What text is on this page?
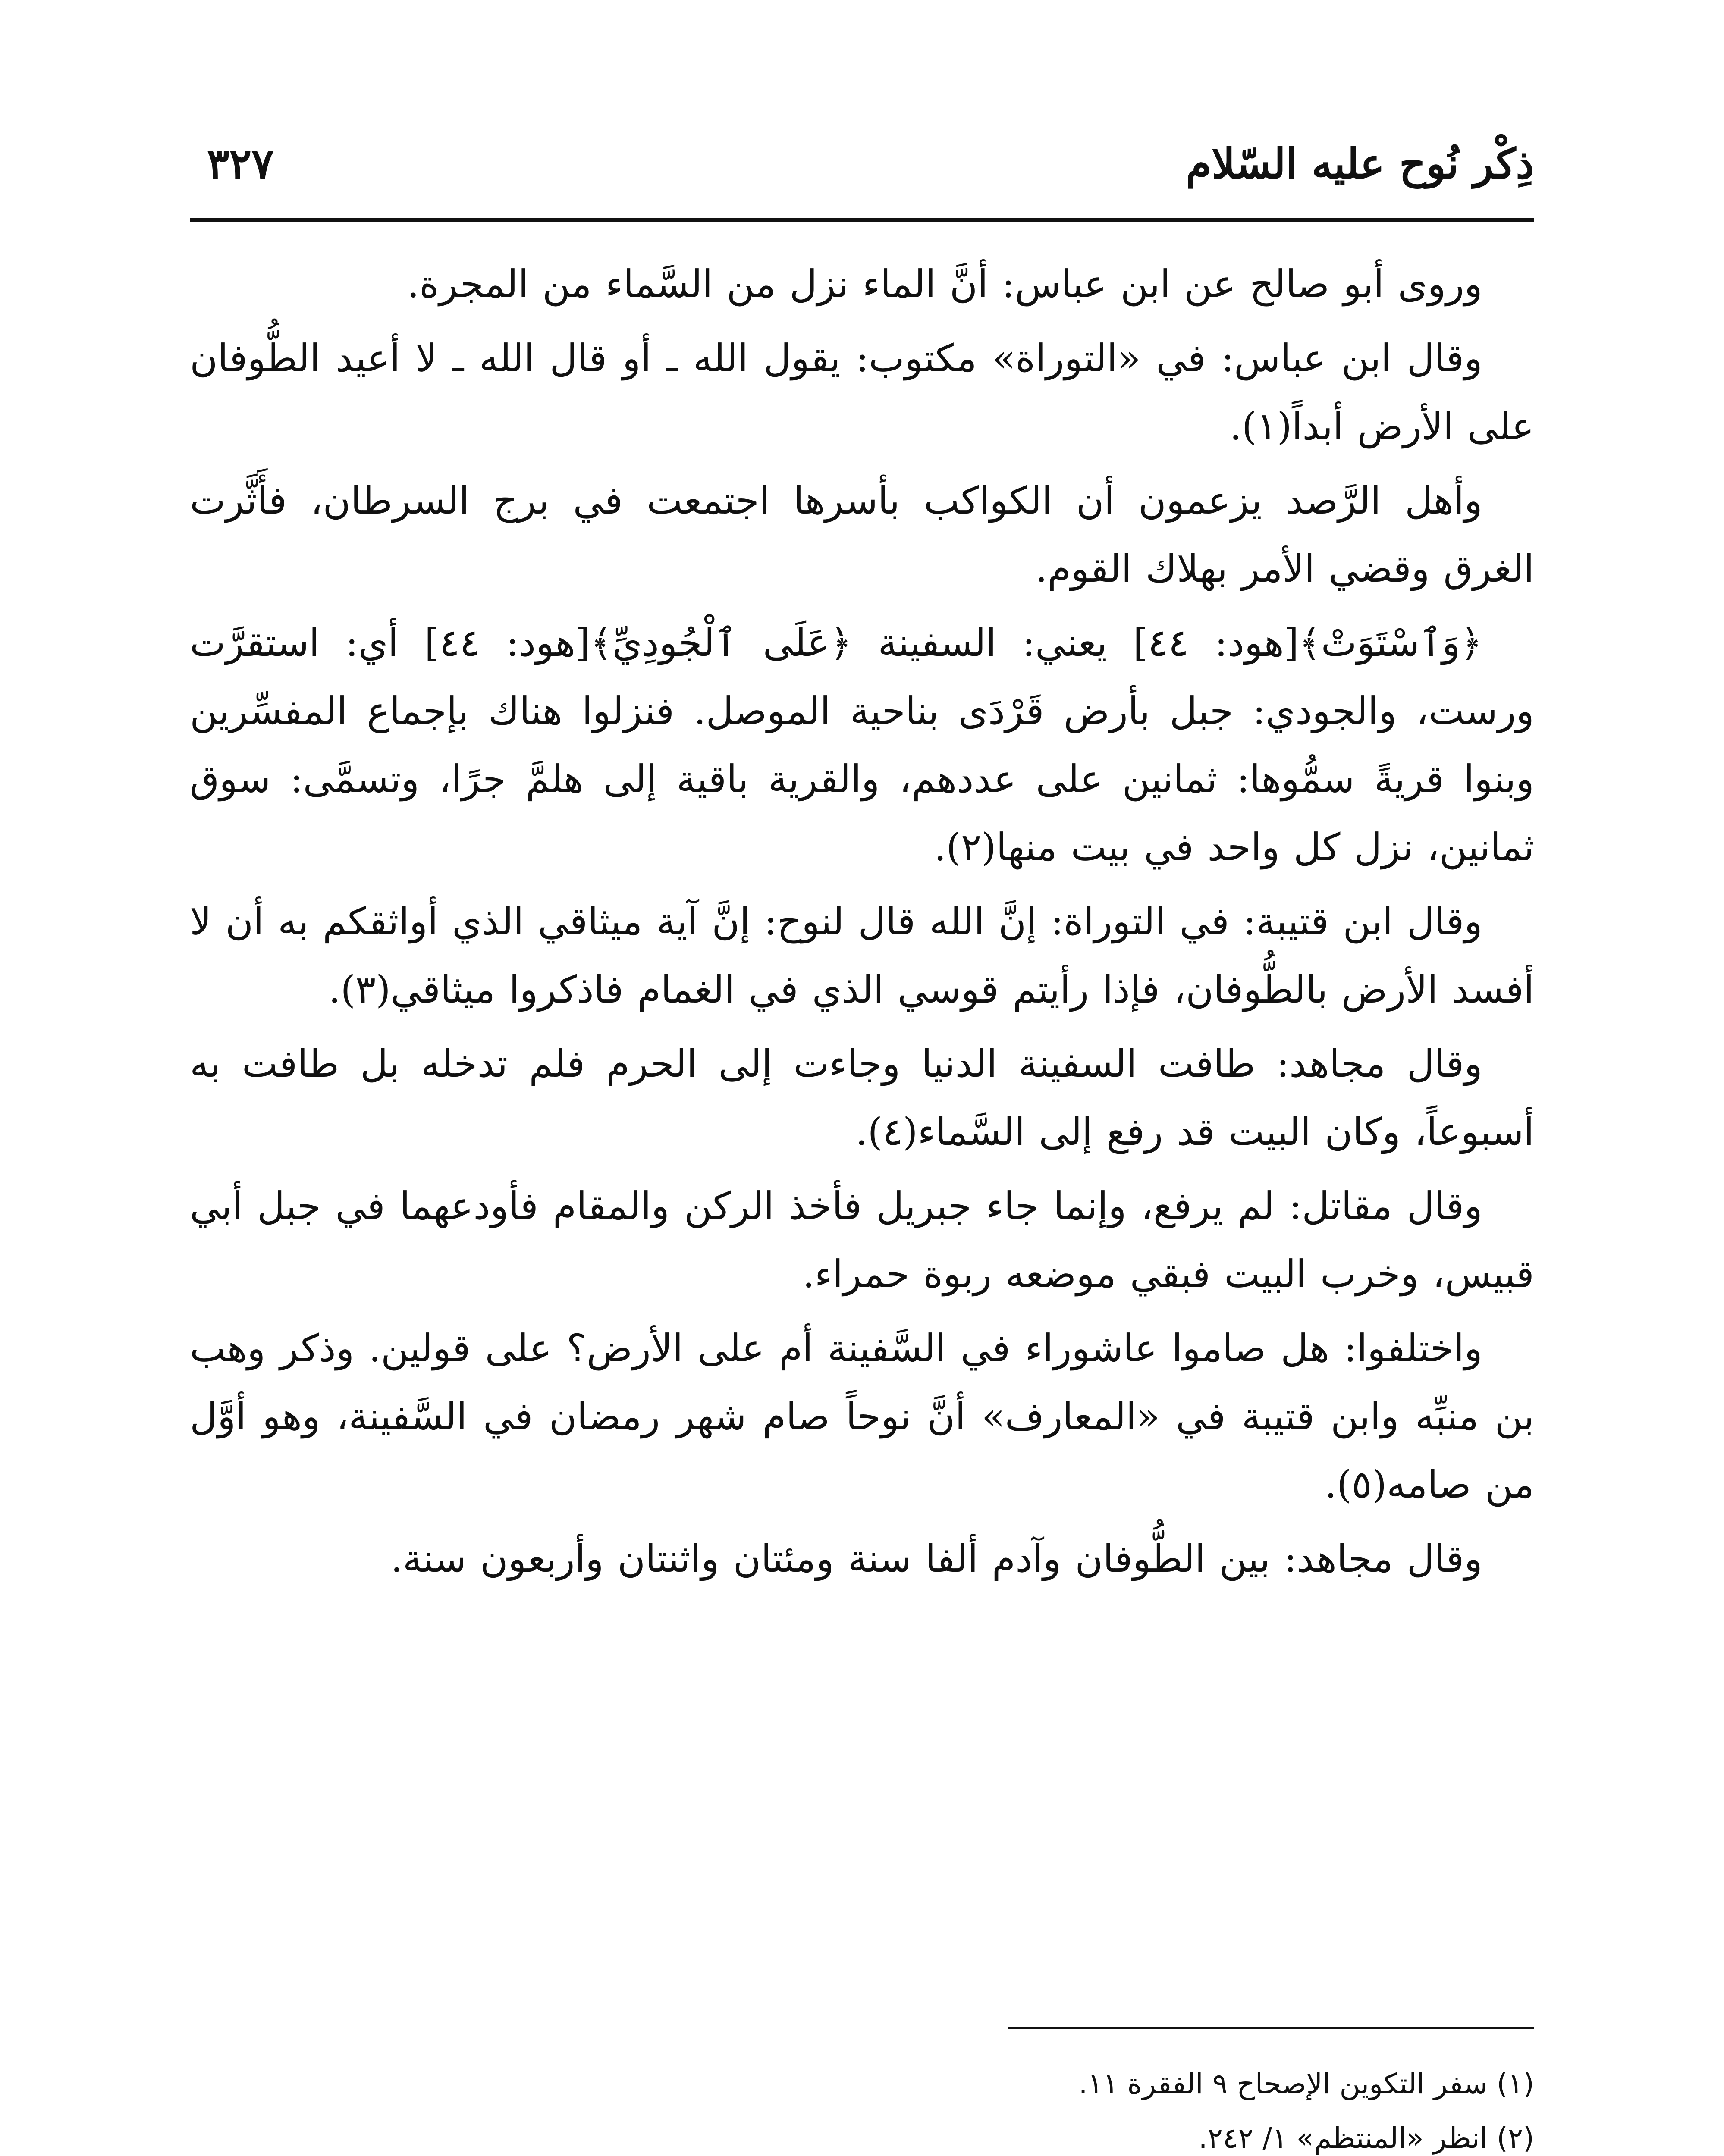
ذِكْر نُوح عليه السّلام
٣٢٧

وروى أبو صالح عن ابن عباس: أنَّ الماء نزل من السَّماء من المجرة.

وقال ابن عباس: في «التوراة» مكتوب: يقول الله ـ أو قال الله ـ لا أعيد الطُّوفان على الأرض أبداً(١).

وأهل الرَّصد يزعمون أن الكواكب بأسرها اجتمعت في برج السرطان، فأَثَّرت الغرق وقضي الأمر بهلاك القوم.

﴿وَٱسْتَوَتْ﴾[هود: ٤٤] يعني: السفينة ﴿عَلَى ٱلْجُودِيِّ﴾[هود: ٤٤] أي: استقرَّت ورست، والجودي: جبل بأرض قَرْدَى بناحية الموصل. فنزلوا هناك بإجماع المفسِّرين وبنوا قريةً سمُّوها: ثمانين على عددهم، والقرية باقية إلى هلمَّ جرًا، وتسمَّى: سوق ثمانين، نزل كل واحد في بيت منها(٢).

وقال ابن قتيبة: في التوراة: إنَّ الله قال لنوح: إنَّ آية ميثاقي الذي أواثقكم به أن لا أفسد الأرض بالطُّوفان، فإذا رأيتم قوسي الذي في الغمام فاذكروا ميثاقي(٣).

وقال مجاهد: طافت السفينة الدنيا وجاءت إلى الحرم فلم تدخله بل طافت به أسبوعاً، وكان البيت قد رفع إلى السَّماء(٤).

وقال مقاتل: لم يرفع، وإنما جاء جبريل فأخذ الركن والمقام فأودعهما في جبل أبي قبيس، وخرب البيت فبقي موضعه ربوة حمراء.

واختلفوا: هل صاموا عاشوراء في السَّفينة أم على الأرض؟ على قولين. وذكر وهب بن منبِّه وابن قتيبة في «المعارف» أنَّ نوحاً صام شهر رمضان في السَّفينة، وهو أوَّل من صامه(٥).

وقال مجاهد: بين الطُّوفان وآدم ألفا سنة ومئتان واثنتان وأربعون سنة.

(١) سفر التكوين الإصحاح ٩ الفقرة ١١.

(٢) انظر «المنتظم» ١/ ٢٤٢.
